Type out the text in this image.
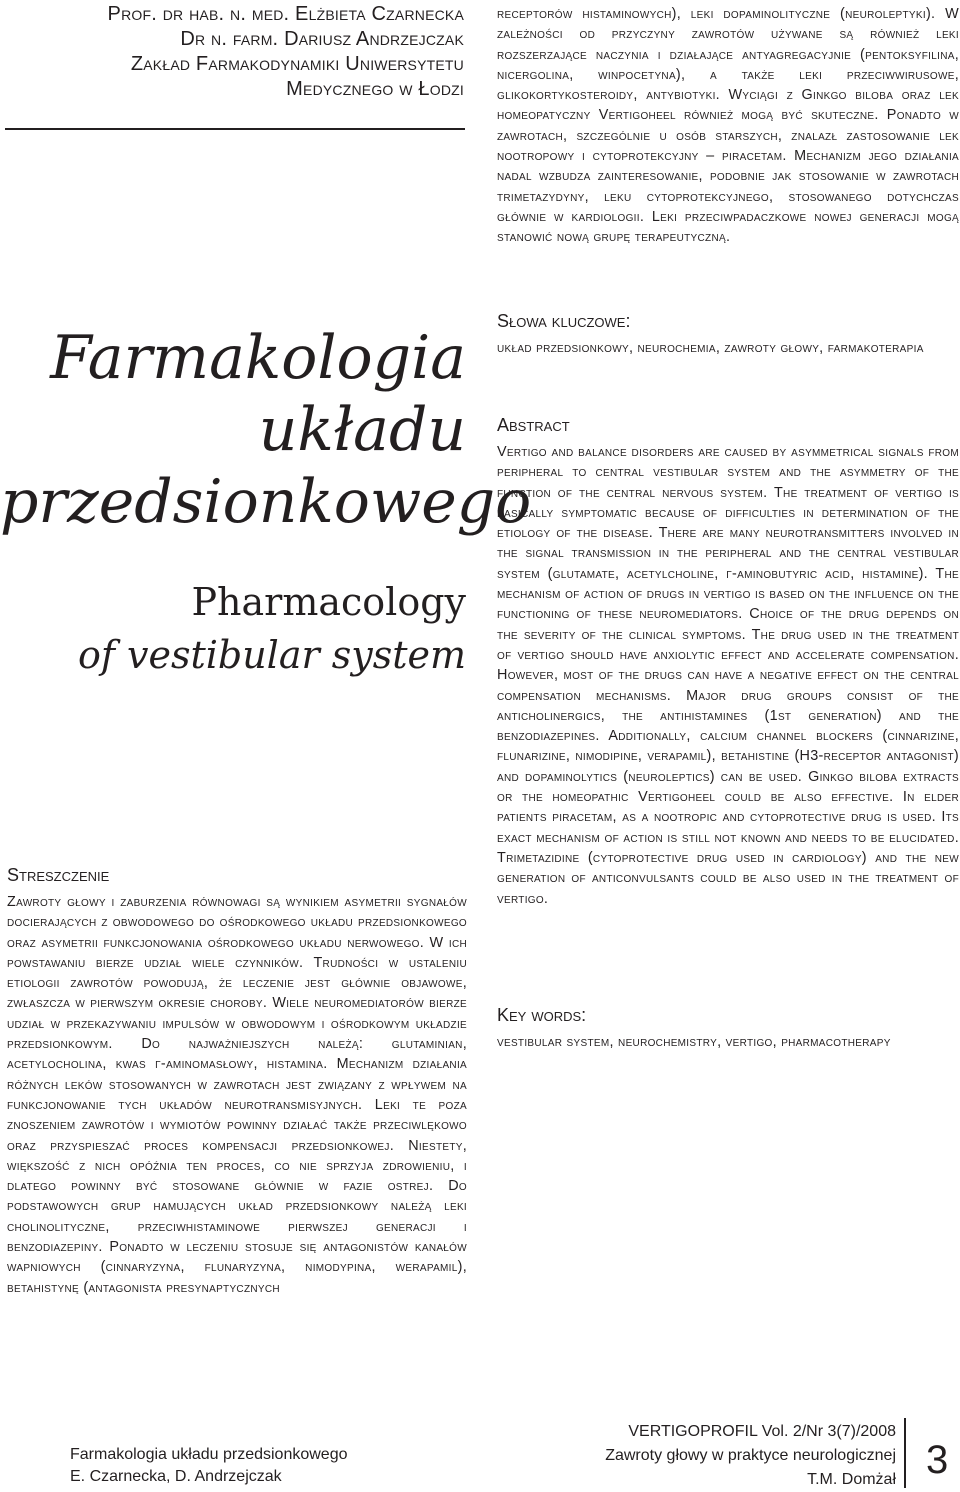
Prof. dr hab. n. med. Elżbieta Czarnecka
Dr n. farm. Dariusz Andrzejczak
Zakład Farmakodynamiki Uniwersytetu
Medycznego w Łodzi
Farmakologia
układu
przedsionkowego
Pharmacology
of vestibular system
Streszczenie

Zawroty głowy i zaburzenia równowagi są wynikiem asymetrii sygnałów docierających z obwodowego do ośrodkowego układu przedsionkowego oraz asymetrii funkcjonowania ośrodkowego układu nerwowego. W ich powstawaniu bierze udział wiele czynników. Trudności w ustaleniu etiologii zawrotów powodują, że leczenie jest głównie objawowe, zwłaszcza w pierwszym okresie choroby. Wiele neuromediatorów bierze udział w przekazywaniu impulsów w obwodowym i ośrodkowym układzie przedsionkowym. Do najważniejszych należą: glutaminian, acetylocholina, kwas γ-aminomasłowy, histamina. Mechanizm działania różnych leków stosowanych w zawrotach jest związany z wpływem na funkcjonowanie tych układów neurotransmisyjnych. Leki te poza znoszeniem zawrotów i wymiotów powinny działać także przeciwlękowo oraz przyspieszać proces kompensacji przedsionkowej. Niestety, większość z nich opóźnia ten proces, co nie sprzyja zdrowieniu, i dlatego powinny być stosowane głównie w fazie ostrej. Do podstawowych grup hamujących układ przedsionkowy należą leki cholinolityczne, przeciwhistaminowe pierwszej generacji i benzodiazepiny. Ponadto w leczeniu stosuje się antagonistów kanałów wapniowych (cinnaryzyna, flunaryzyna, nimodypina, werapamil), betahistynę (antagonista presynaptycznych

receptorów histaminowych), leki dopaminolityczne (neuroleptyki). W zależności od przyczyny zawrotów używane są również leki rozszerzające naczynia i działające antyagregacyjnie (pentoksyfilina, nicergolina, winpocetyna), a także leki przeciwwirusowe, glikokortykosteroidy, antybiotyki. Wyciągi z Ginkgo biloba oraz lek homeopatyczny Vertigoheel również mogą być skuteczne. Ponadto w zawrotach, szczególnie u osób starszych, znalazł zastosowanie lek nootropowy i cytoprotekcyjny – piracetam. Mechanizm jego działania nadal wzbudza zainteresowanie, podobnie jak stosowanie w zawrotach trimetazydyny, leku cytoprotekcyjnego, stosowanego dotychczas głównie w kardiologii. Leki przeciwpadaczkowe nowej generacji mogą stanowić nową grupę terapeutyczną.

Słowa kluczowe:

układ przedsionkowy, neurochemia, zawroty głowy, farmakoterapia

Abstract

Vertigo and balance disorders are caused by asymmetrical signals from peripheral to central vestibular system and the asymmetry of the function of the central nervous system. The treatment of vertigo is basically symptomatic because of difficulties in determination of the etiology of the disease. There are many neurotransmitters involved in the signal transmission in the peripheral and the central vestibular system (glutamate, acetylcholine, γ-aminobutyric acid, histamine). The mechanism of action of drugs in vertigo is based on the influence on the functioning of these neuromediators. Choice of the drug depends on the severity of the clinical symptoms. The drug used in the treatment of vertigo should have anxiolytic effect and accelerate compensation. However, most of the drugs can have a negative effect on the central compensation mechanisms. Major drug groups consist of the anticholinergics, the antihistamines (1st generation) and the benzodiazepines. Additionally, calcium channel blockers (cinnarizine, flunarizine, nimodipine, verapamil), betahistine (H3-receptor antagonist) and dopaminolytics (neuroleptics) can be used. Ginkgo biloba extracts or the homeopathic Vertigoheel could be also effective. In elder patients piracetam, as a nootropic and cytoprotective drug is used. Its exact mechanism of action is still not known and needs to be elucidated. Trimetazidine (cytoprotective drug used in cardiology) and the new generation of anticonvulsants could be also used in the treatment of vertigo.

Key words:

vestibular system, neurochemistry, vertigo, pharmacotherapy

Farmakologia układu przedsionkowego
E. Czarnecka, D. Andrzejczak
VERTIGOPROFIL Vol. 2/Nr 3(7)/2008
Zawroty głowy w praktyce neurologicznej
T.M. Domżał 3
